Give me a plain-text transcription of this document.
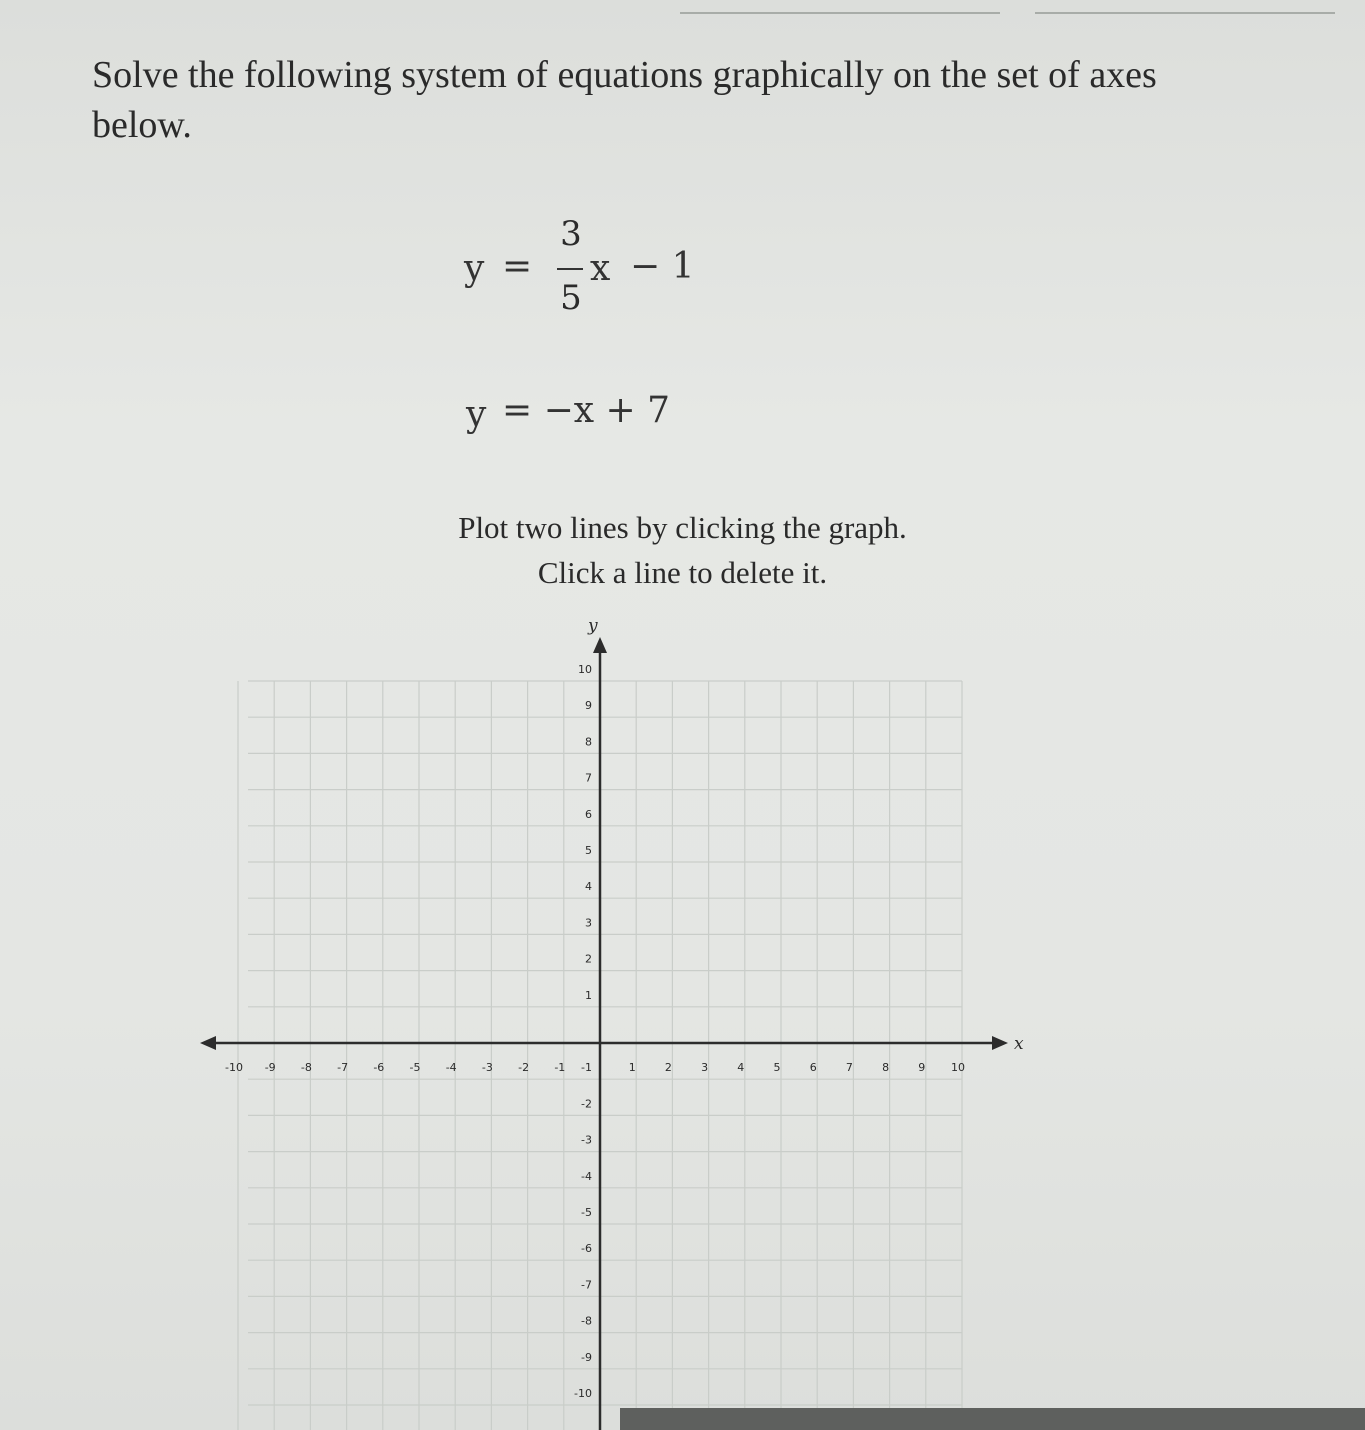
Solve the following system of equations graphically on the set of axes
below.
y =
3
5
x − 1
y = −x + 7
Plot two lines by clicking the graph.
Click a line to delete it.
x
y
-10 -9 -8 -7 -6 -5 -4 -3 -2 -1	1	2	3	4	5	6	7	8	9 10
10
9
8
7
6
5
4
3
2
1
-1
-2
-3
-4
-5
-6
-7
-8
-9
-10
